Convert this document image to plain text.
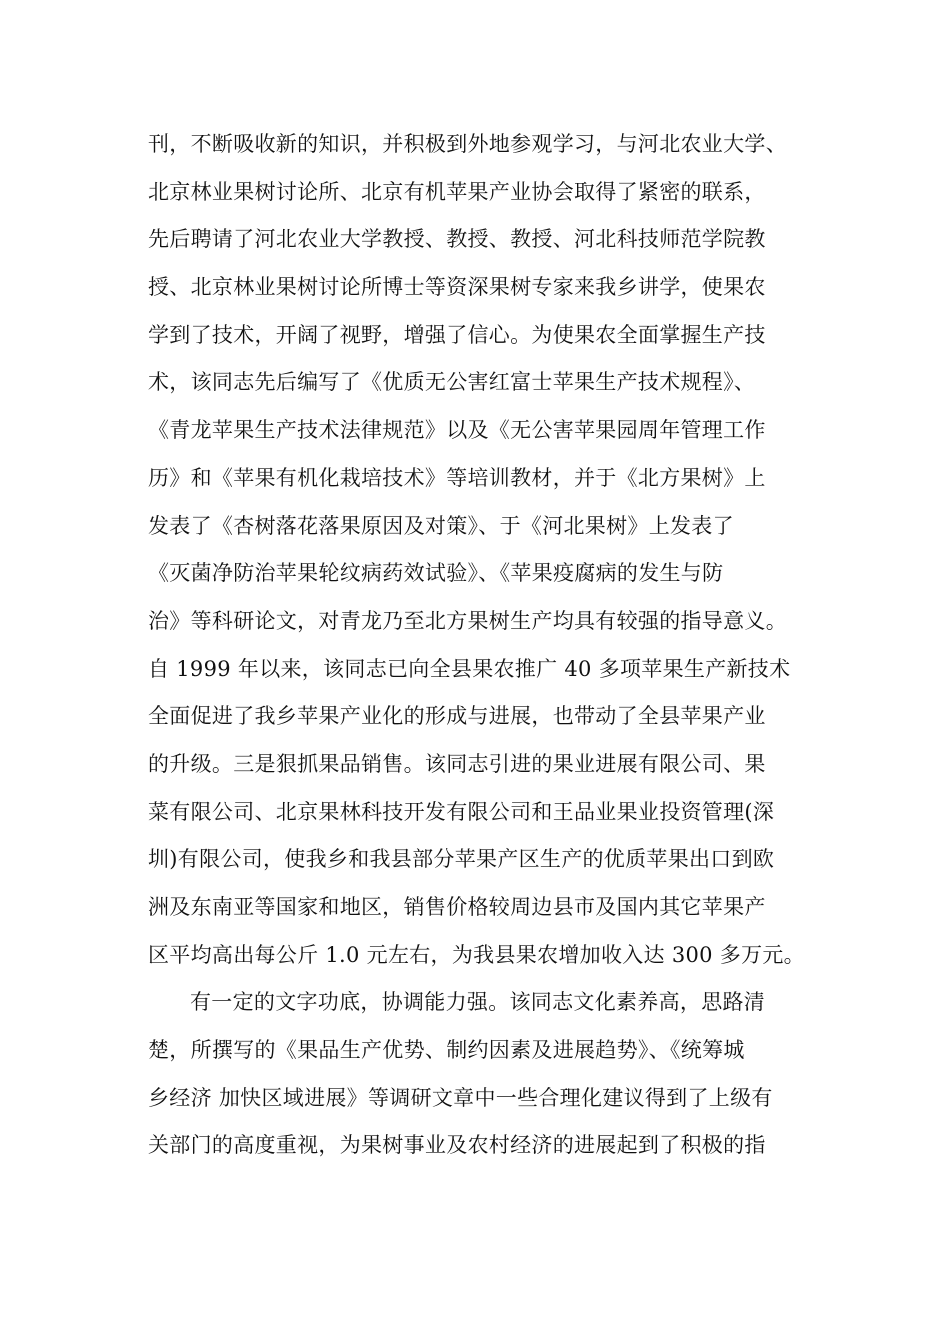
刊，不断吸收新的知识，并积极到外地参观学习，与河北农业大学、
北京林业果树讨论所、北京有机苹果产业协会取得了紧密的联系，
先后聘请了河北农业大学教授、教授、教授、河北科技师范学院教
授、北京林业果树讨论所博士等资深果树专家来我乡讲学，使果农
学到了技术，开阔了视野，增强了信心。为使果农全面掌握生产技
术，该同志先后编写了《优质无公害红富士苹果生产技术规程》、
《青龙苹果生产技术法律规范》以及《无公害苹果园周年管理工作
历》和《苹果有机化栽培技术》等培训教材，并于《北方果树》上
发表了《杏树落花落果原因及对策》、于《河北果树》上发表了
《灭菌净防治苹果轮纹病药效试验》、《苹果疫腐病的发生与防
治》等科研论文，对青龙乃至北方果树生产均具有较强的指导意义。
自 1999 年以来，该同志已向全县果农推广 40 多项苹果生产新技术
全面促进了我乡苹果产业化的形成与进展，也带动了全县苹果产业
的升级。三是狠抓果品销售。该同志引进的果业进展有限公司、果
菜有限公司、北京果林科技开发有限公司和王品业果业投资管理(深
圳)有限公司，使我乡和我县部分苹果产区生产的优质苹果出口到欧
洲及东南亚等国家和地区，销售价格较周边县市及国内其它苹果产
区平均高出每公斤 1.0 元左右，为我县果农增加收入达 300 多万元。
有一定的文字功底，协调能力强。该同志文化素养高，思路清
楚，所撰写的《果品生产优势、制约因素及进展趋势》、《统筹城
乡经济 加快区域进展》等调研文章中一些合理化建议得到了上级有
关部门的高度重视，为果树事业及农村经济的进展起到了积极的指
